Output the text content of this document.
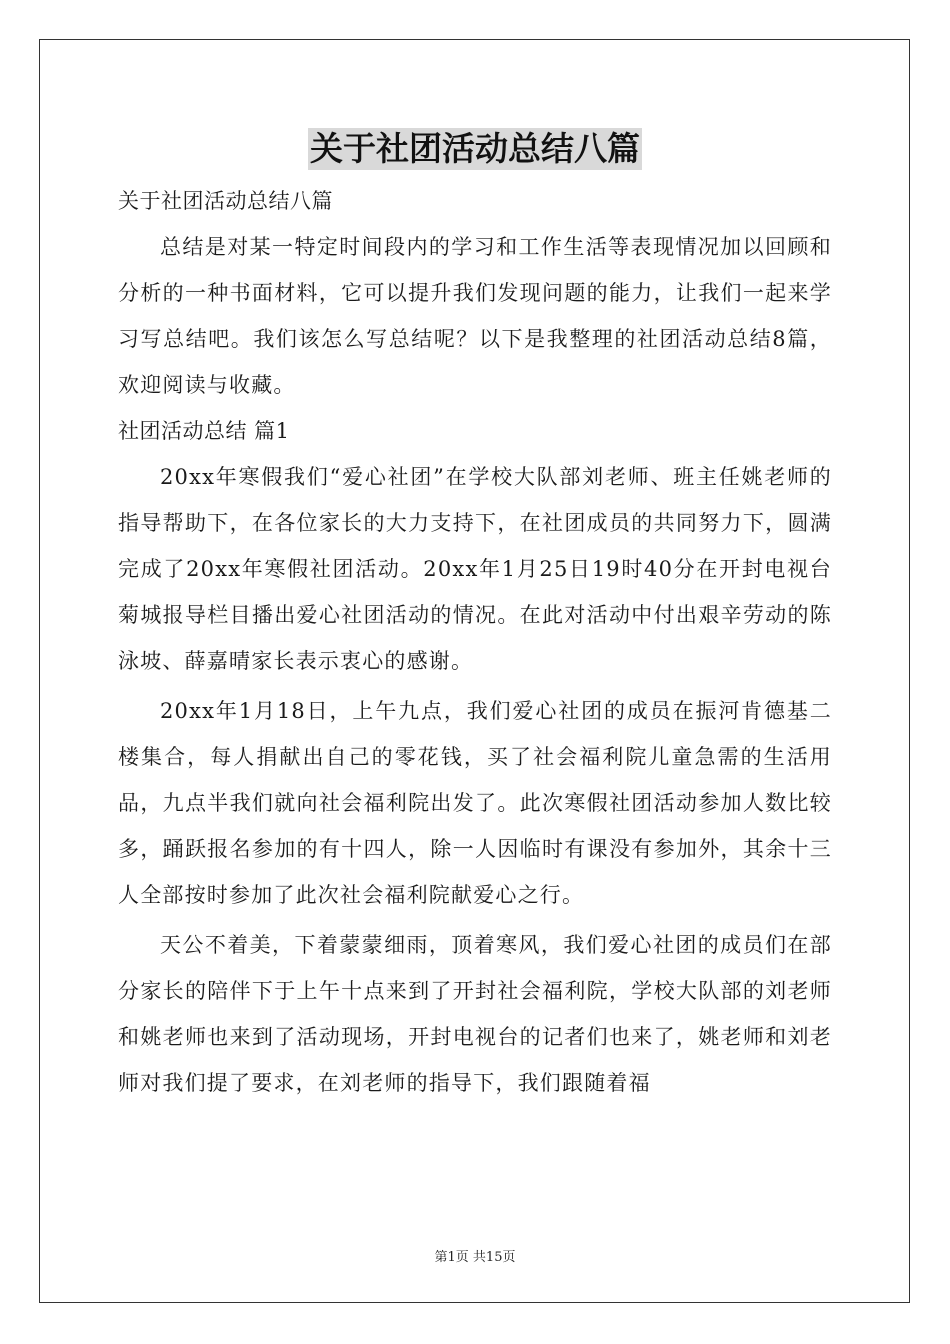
关于社团活动总结八篇

关于社团活动总结八篇

总结是对某一特定时间段内的学习和工作生活等表现情况加以回顾和分析的一种书面材料，它可以提升我们发现问题的能力，让我们一起来学习写总结吧。我们该怎么写总结呢？以下是我整理的社团活动总结8篇，欢迎阅读与收藏。

社团活动总结 篇1

20xx年寒假我们“爱心社团”在学校大队部刘老师、班主任姚老师的指导帮助下，在各位家长的大力支持下，在社团成员的共同努力下，圆满完成了20xx年寒假社团活动。20xx年1月25日19时40分在开封电视台菊城报导栏目播出爱心社团活动的情况。在此对活动中付出艰辛劳动的陈泳坡、薛嘉晴家长表示衷心的感谢。

20xx年1月18日，上午九点，我们爱心社团的成员在振河肯德基二楼集合，每人捐献出自己的零花钱，买了社会福利院儿童急需的生活用品，九点半我们就向社会福利院出发了。此次寒假社团活动参加人数比较多，踊跃报名参加的有十四人，除一人因临时有课没有参加外，其余十三人全部按时参加了此次社会福利院献爱心之行。

天公不着美，下着蒙蒙细雨，顶着寒风，我们爱心社团的成员们在部分家长的陪伴下于上午十点来到了开封社会福利院，学校大队部的刘老师和姚老师也来到了活动现场，开封电视台的记者们也来了，姚老师和刘老师对我们提了要求，在刘老师的指导下，我们跟随着福

第1页 共15页
